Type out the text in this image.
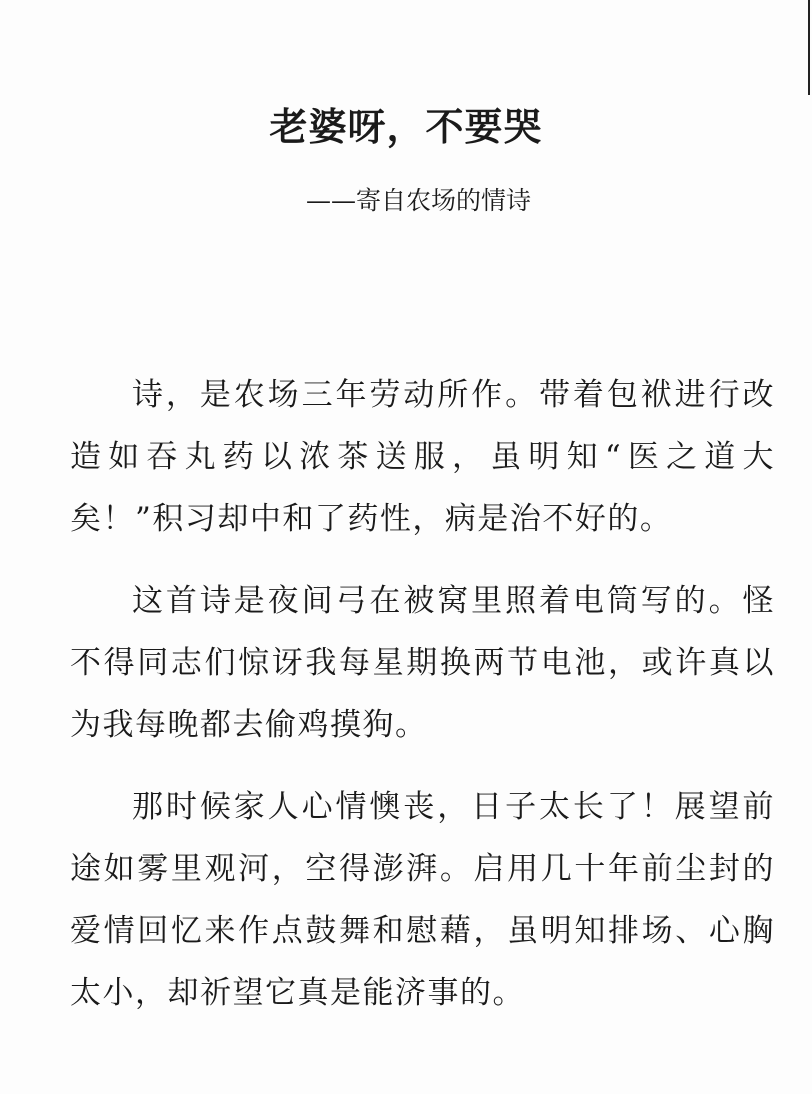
老婆呀，不要哭
——寄自农场的情诗

诗，是农场三年劳动所作。带着包袱进行改造如吞丸药以浓茶送服，虽明知“医之道大矣！”积习却中和了药性，病是治不好的。

这首诗是夜间弓在被窝里照着电筒写的。怪不得同志们惊讶我每星期换两节电池，或许真以为我每晚都去偷鸡摸狗。

那时候家人心情懊丧，日子太长了！展望前途如雾里观河，空得澎湃。启用几十年前尘封的爱情回忆来作点鼓舞和慰藉，虽明知排场、心胸太小，却祈望它真是能济事的。
